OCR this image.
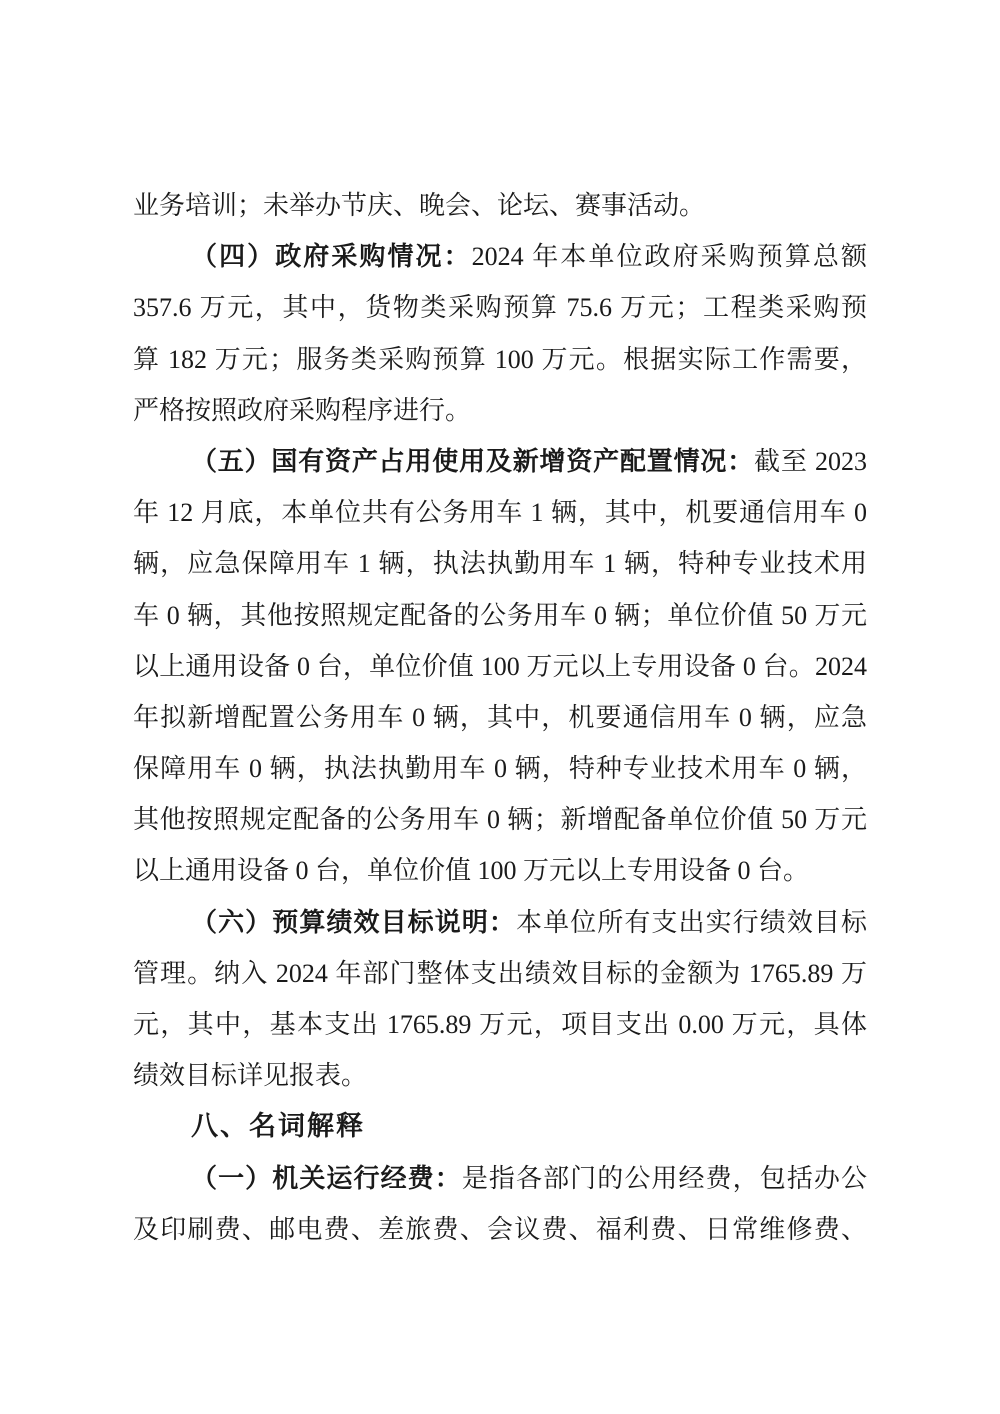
业务培训；未举办节庆、晚会、论坛、赛事活动。
（四）政府采购情况：2024 年本单位政府采购预算总额
357.6 万元，其中，货物类采购预算 75.6 万元；工程类采购预
算 182 万元；服务类采购预算 100 万元。根据实际工作需要，
严格按照政府采购程序进行。
（五）国有资产占用使用及新增资产配置情况：截至 2023
年 12 月底，本单位共有公务用车 1 辆，其中，机要通信用车 0
辆，应急保障用车 1 辆，执法执勤用车 1 辆，特种专业技术用
车 0 辆，其他按照规定配备的公务用车 0 辆；单位价值 50 万元
以上通用设备 0 台，单位价值 100 万元以上专用设备 0 台。2024
年拟新增配置公务用车 0 辆，其中，机要通信用车 0 辆，应急
保障用车 0 辆，执法执勤用车 0 辆，特种专业技术用车 0 辆，
其他按照规定配备的公务用车 0 辆；新增配备单位价值 50 万元
以上通用设备 0 台，单位价值 100 万元以上专用设备 0 台。
（六）预算绩效目标说明：本单位所有支出实行绩效目标
管理。纳入 2024 年部门整体支出绩效目标的金额为 1765.89 万
元，其中，基本支出 1765.89 万元，项目支出 0.00 万元，具体
绩效目标详见报表。
八、名词解释
（一）机关运行经费：是指各部门的公用经费，包括办公
及印刷费、邮电费、差旅费、会议费、福利费、日常维修费、
